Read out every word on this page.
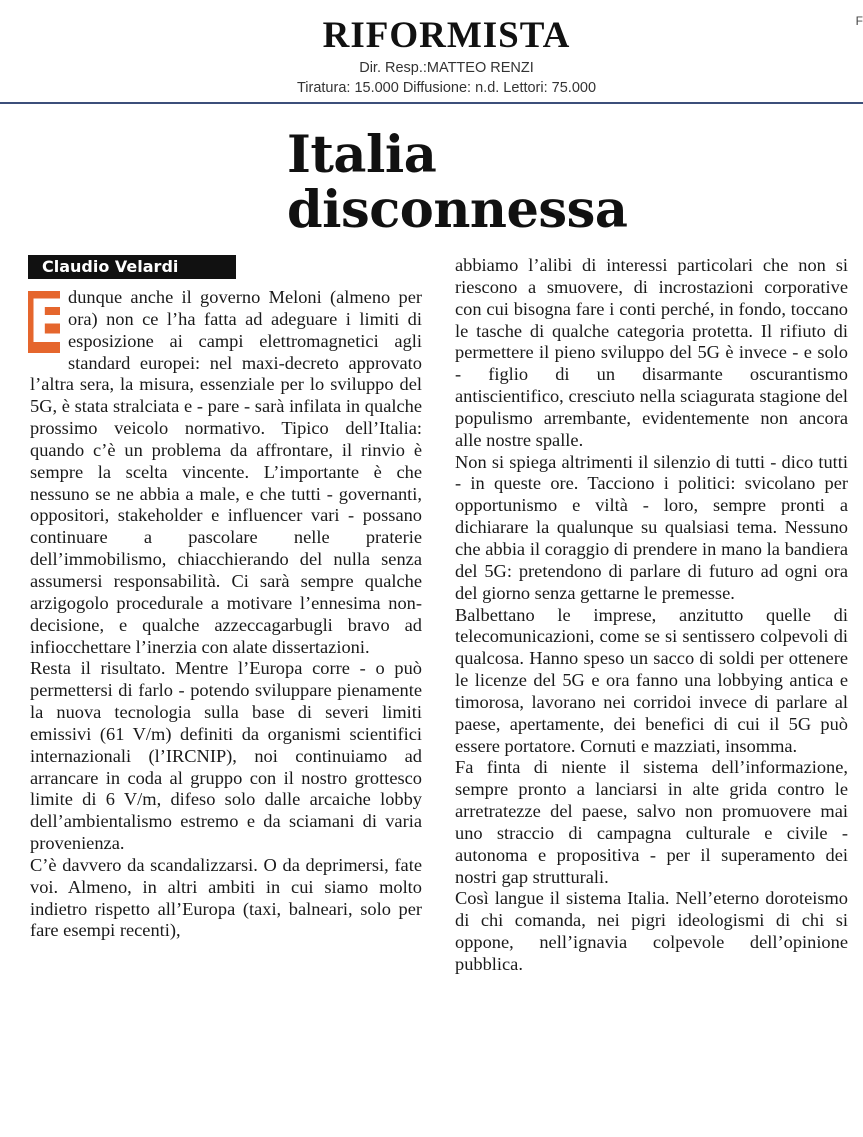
RIFORMISTA	F
Dir. Resp.:MATTEO RENZI
Tiratura: 15.000 Diffusione: n.d. Lettori: 75.000
Italia
disconnessa
Claudio Velardi

E dunque anche il governo Meloni (almeno per ora) non ce l’ha fatta ad adeguare i limiti di esposizione ai campi elettromagnetici agli standard europei: nel maxi-decreto approvato l’altra sera, la misura, essenziale per lo sviluppo del 5G, è stata stralciata e - pare - sarà infilata in qualche prossimo veicolo normativo. Tipico dell’Italia: quando c’è un problema da affrontare, il rinvio è sempre la scelta vincente. L’importante è che nessuno se ne abbia a male, e che tutti - governanti, oppositori, stakeholder e influencer vari - possano continuare a pascolare nelle praterie dell’immobilismo, chiacchierando del nulla senza assumersi responsabilità. Ci sarà sempre qualche arzigogolo procedurale a motivare l’ennesima non-decisione, e qualche azzeccagarbugli bravo ad infiocchettare l’inerzia con alate dissertazioni.

Resta il risultato. Mentre l’Europa corre - o può permettersi di farlo - potendo sviluppare pienamente la nuova tecnologia sulla base di severi limiti emissivi (61 V/m) definiti da organismi scientifici internazionali (l’IRCNIP), noi continuiamo ad arrancare in coda al gruppo con il nostro grottesco limite di 6 V/m, difeso solo dalle arcaiche lobby dell’ambientalismo estremo e da sciamani di varia provenienza.

C’è davvero da scandalizzarsi. O da deprimersi, fate voi. Almeno, in altri ambiti in cui siamo molto indietro rispetto all’Europa (taxi, balneari, solo per fare esempi recenti),

abbiamo l’alibi di interessi particolari che non si riescono a smuovere, di incrostazioni corporative con cui bisogna fare i conti perché, in fondo, toccano le tasche di qualche categoria protetta. Il rifiuto di permettere il pieno sviluppo del 5G è invece - e solo - figlio di un disarmante oscurantismo antiscientifico, cresciuto nella sciagurata stagione del populismo arrembante, evidentemente non ancora alle nostre spalle.

Non si spiega altrimenti il silenzio di tutti - dico tutti - in queste ore. Tacciono i politici: svicolano per opportunismo e viltà - loro, sempre pronti a dichiarare la qualunque su qualsiasi tema. Nessuno che abbia il coraggio di prendere in mano la bandiera del 5G: pretendono di parlare di futuro ad ogni ora del giorno senza gettarne le premesse.

Balbettano le imprese, anzitutto quelle di telecomunicazioni, come se si sentissero colpevoli di qualcosa. Hanno speso un sacco di soldi per ottenere le licenze del 5G e ora fanno una lobbying antica e timorosa, lavorano nei corridoi invece di parlare al paese, apertamente, dei benefici di cui il 5G può essere portatore. Cornuti e mazziati, insomma.

Fa finta di niente il sistema dell’informazione, sempre pronto a lanciarsi in alte grida contro le arretratezze del paese, salvo non promuovere mai uno straccio di campagna culturale e civile - autonoma e propositiva - per il superamento dei nostri gap strutturali.

Così langue il sistema Italia. Nell’eterno doroteismo di chi comanda, nei pigri ideologismi di chi si oppone, nell’ignavia colpevole dell’opinione pubblica.
